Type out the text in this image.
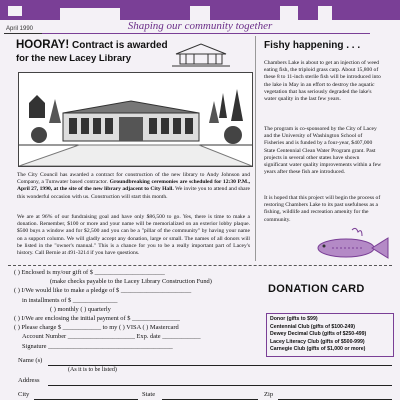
Shaping our community together
April 1990
HOORAY! Contract is awarded
for the new Lacey Library
The City Council has awarded a contract for construction of the new library to Andy Johnson and Company, a Tumwater based contractor. Groundbreaking ceremonies are scheduled for 12:30 P.M., April 27, 1990, at the site of the new library adjacent to City Hall. We invite you to attend and share this wonderful occasion with us. Construction will start this month.
We are at 96% of our fundraising goal and have only $86,500 to go. Yes, there is time to make a donation. Remember, $100 or more and your name will be memorialized on an exterior lobby plaque. $500 buys a window and for $2,500 and you can be a "pillar of the community" by having your name on a support column. We will gladly accept any donation, large or small. The names of all donors will be listed in the "owner's manual." This is a chance for you to be a really important part of Lacey's history. Call Bernie at 491-3214 if you have questions.
Fishy happening . . .
Chambers Lake is about to get an injection of weed eating fish, the triploid grass carp. About 15,800 of these 8 to 11-inch sterile fish will be introduced into the lake in May in an effort to destroy the aquatic vegetation that has seriously degraded the lake's water quality in the last few years.
The program is co-sponsored by the City of Lacey and the University of Washington School of Fisheries and is funded by a four-year, $407,000 State Centennial Clean Water Program grant. Past projects in several other states have shown significant water quality improvements within a few years after these fish are introduced.
It is hoped that this project will begin the process of restoring Chambers Lake to its past usefulness as a fishing, wildlife and recreation amenity for the community.
( ) Enclosed is my/our gift of $ ______________________
(make checks payable to the Lacey Library Construction Fund)
( ) I/We would like to make a pledge of $ ______________________
in installments of $ ______________
( ) monthly ( ) quarterly
( ) I/We are enclosing the initial payment of $ _______________
( ) Please charge $ ____________ to my ( ) VISA ( ) Mastercard
Account Number _____________________ Exp. date ____________
Signature _______________________________________
DONATION CARD
Donor (gifts to $99)
Centennial Club (gifts of $100-249)
Dewey Decimal Club (gifts of $250-499)
Lacey Literacy Club (gifts of $500-999)
Carnegie Club (gifts of $1,000 or more)
Name (s)
(As it is to be listed)
Address
City	State	Zip
